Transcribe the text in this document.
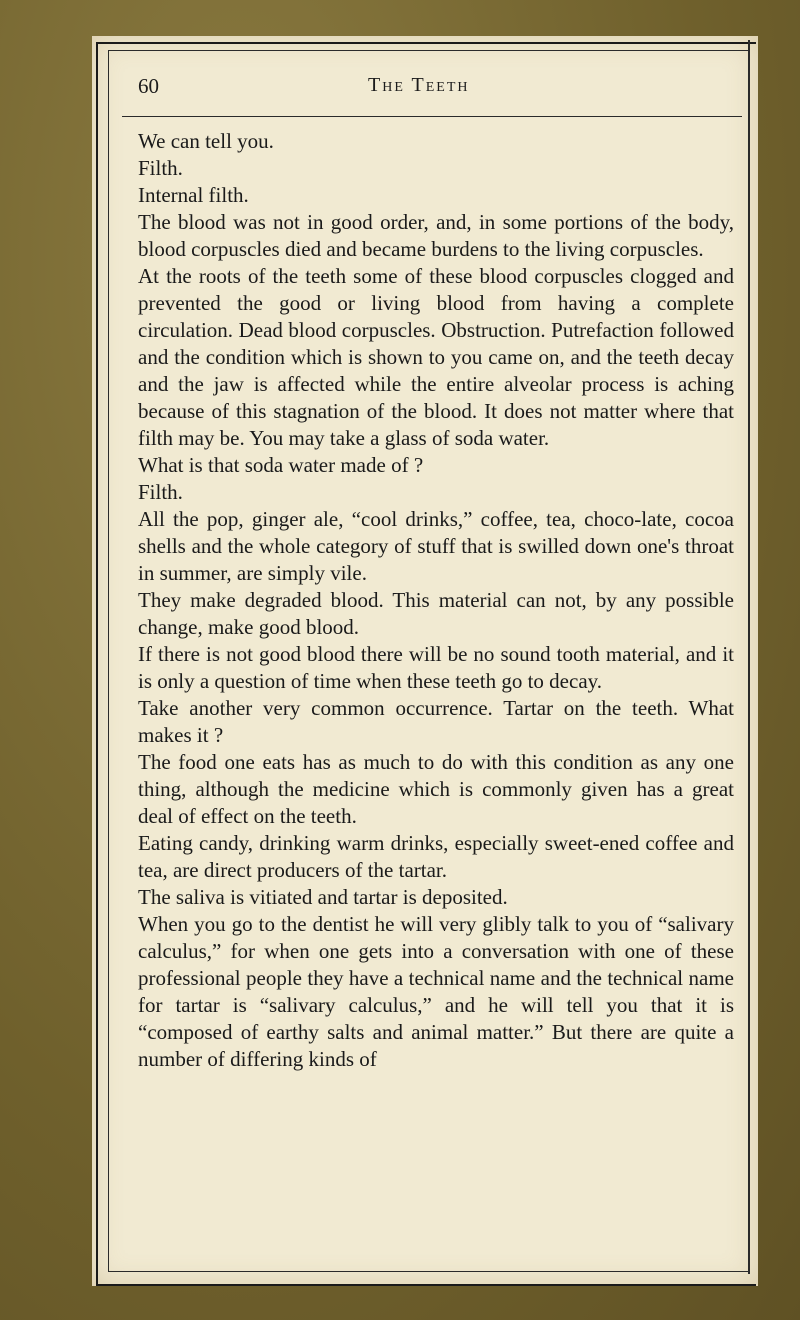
60	The Teeth

We can tell you.

Filth.

Internal filth.

The blood was not in good order, and, in some portions of the body, blood corpuscles died and became burdens to the living corpuscles.

At the roots of the teeth some of these blood corpuscles clogged and prevented the good or living blood from having a complete circulation. Dead blood corpuscles. Obstruction. Putrefaction followed and the condition which is shown to you came on, and the teeth decay and the jaw is affected while the entire alveolar process is aching because of this stagnation of the blood. It does not matter where that filth may be. You may take a glass of soda water.

What is that soda water made of ?

Filth.

All the pop, ginger ale, “cool drinks,” coffee, tea, choco-late, cocoa shells and the whole category of stuff that is swilled down one's throat in summer, are simply vile.

They make degraded blood. This material can not, by any possible change, make good blood.

If there is not good blood there will be no sound tooth material, and it is only a question of time when these teeth go to decay.

Take another very common occurrence. Tartar on the teeth. What makes it ?

The food one eats has as much to do with this condition as any one thing, although the medicine which is commonly given has a great deal of effect on the teeth.

Eating candy, drinking warm drinks, especially sweet-ened coffee and tea, are direct producers of the tartar.

The saliva is vitiated and tartar is deposited.

When you go to the dentist he will very glibly talk to you of “salivary calculus,” for when one gets into a conversation with one of these professional people they have a technical name and the technical name for tartar is “salivary calculus,” and he will tell you that it is “composed of earthy salts and animal matter.” But there are quite a number of differing kinds of
